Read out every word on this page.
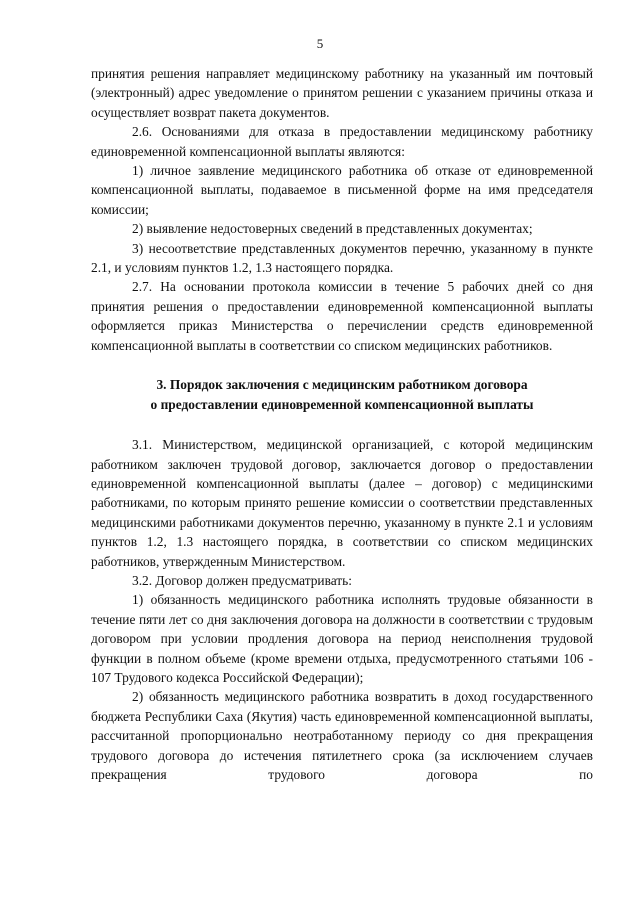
5

принятия решения направляет медицинскому работнику на указанный им почтовый (электронный) адрес уведомление о принятом решении с указанием причины отказа и осуществляет возврат пакета документов.

2.6. Основаниями для отказа в предоставлении медицинскому работнику единовременной компенсационной выплаты являются:

1) личное заявление медицинского работника об отказе от единовременной компенсационной выплаты, подаваемое в письменной форме на имя председателя комиссии;

2) выявление недостоверных сведений в представленных документах;

3) несоответствие представленных документов перечню, указанному в пункте 2.1, и условиям пунктов 1.2, 1.3 настоящего порядка.

2.7. На основании протокола комиссии в течение 5 рабочих дней со дня принятия решения о предоставлении единовременной компенсационной выплаты оформляется приказ Министерства о перечислении средств единовременной компенсационной выплаты в соответствии со списком медицинских работников.

3. Порядок заключения с медицинским работником договора

о предоставлении единовременной компенсационной выплаты

3.1. Министерством, медицинской организацией, с которой медицинским работником заключен трудовой договор, заключается договор о предоставлении единовременной компенсационной выплаты (далее – договор) с медицинскими работниками, по которым принято решение комиссии о соответствии представленных медицинскими работниками документов перечню, указанному в пункте 2.1 и условиям пунктов 1.2, 1.3 настоящего порядка, в соответствии со списком медицинских работников, утвержденным Министерством.

3.2. Договор должен предусматривать:

1) обязанность медицинского работника исполнять трудовые обязанности в течение пяти лет со дня заключения договора на должности в соответствии с трудовым договором при условии продления договора на период неисполнения трудовой функции в полном объеме (кроме времени отдыха, предусмотренного статьями 106 - 107 Трудового кодекса Российской Федерации);

2) обязанность медицинского работника возвратить в доход государственного бюджета Республики Саха (Якутия) часть единовременной компенсационной выплаты, рассчитанной пропорционально неотработанному периоду со дня прекращения трудового договора до истечения пятилетнего срока (за исключением случаев прекращения трудового договора по
